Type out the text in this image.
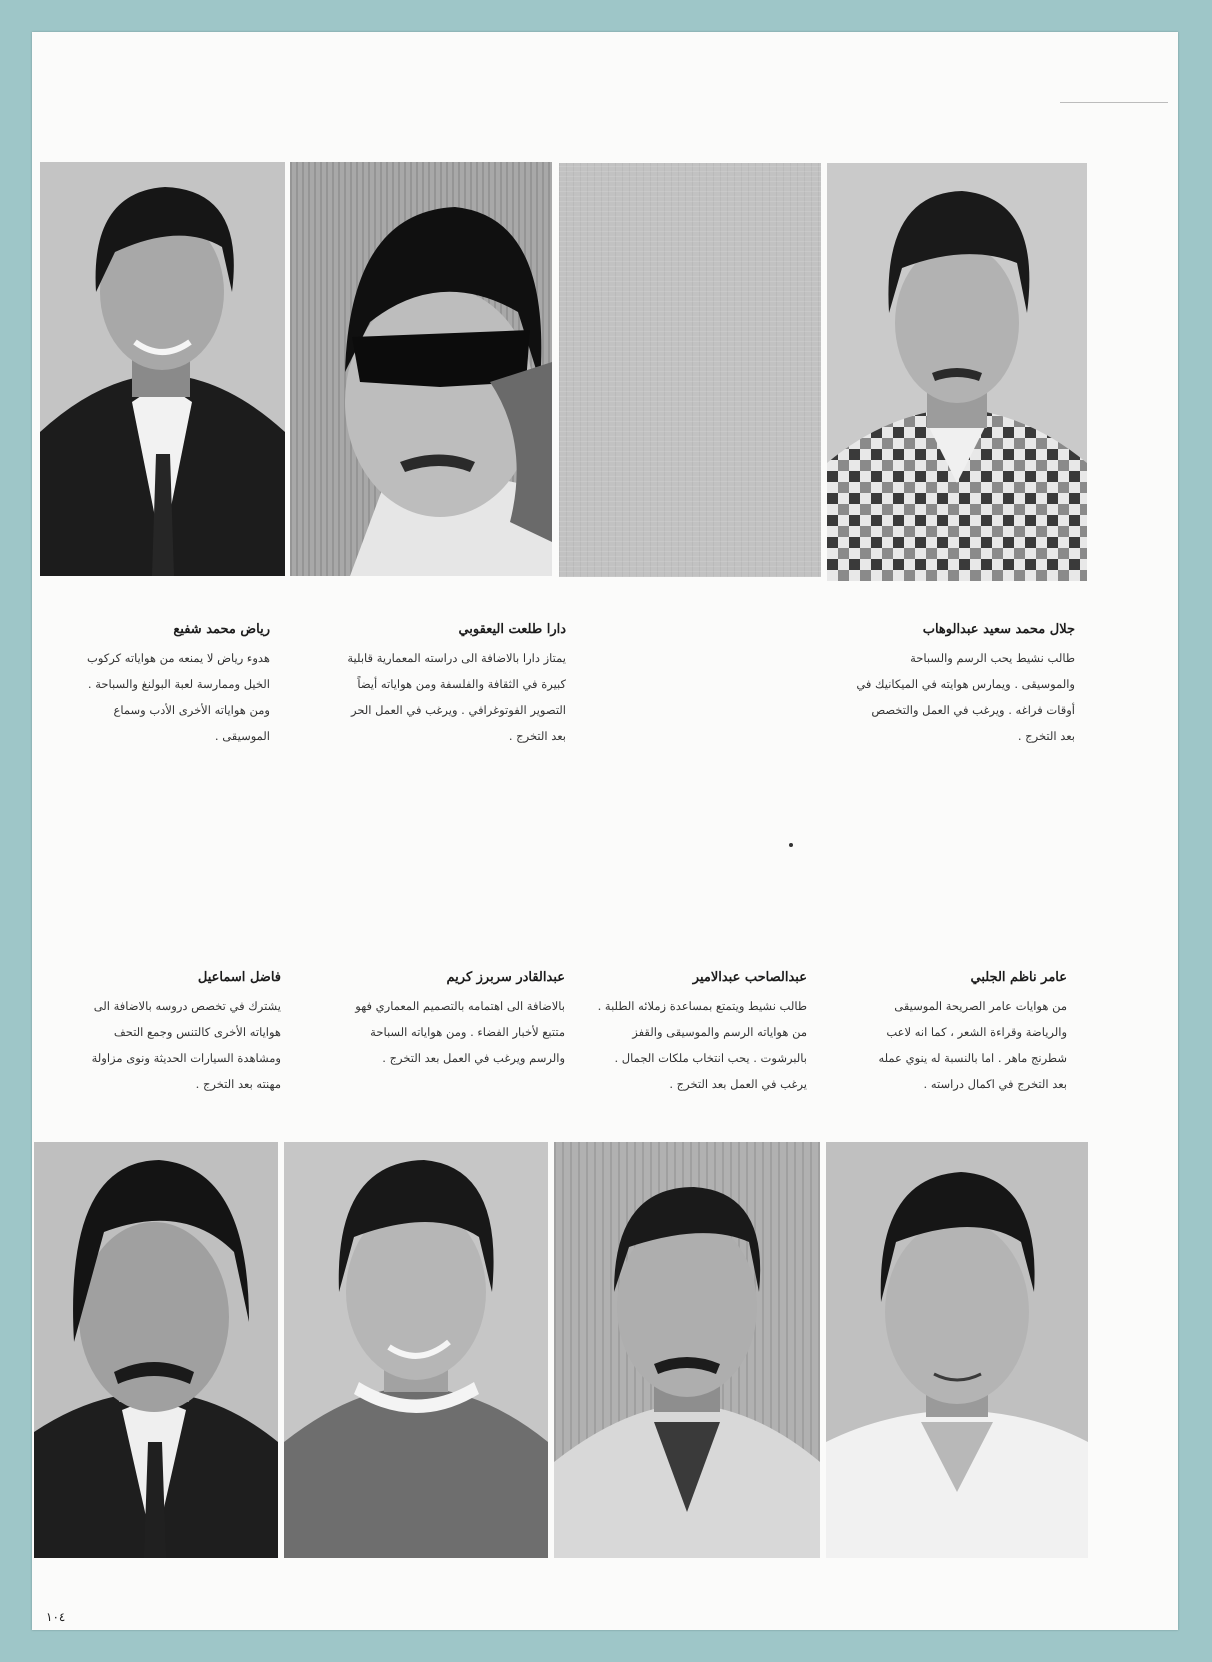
جلال محمد سعيد عبدالوهاب

طالب نشيط يحب الرسم والسباحة والموسيقى . ويمارس هوايته في الميكانيك في أوقات فراغه . ويرغب في العمل والتخصص بعد التخرج .

دارا طلعت اليعقوبي

يمتاز دارا بالاضافة الى دراسته المعمارية قابلية كبيرة في الثقافة والفلسفة ومن هواياته أيضاً التصوير الفوتوغرافي . ويرغب في العمل الحر بعد التخرج .

رياض محمد شفيع

هدوء رياض لا يمنعه من هواياته كركوب الخيل وممارسة لعبة البولنغ والسباحة . ومن هواياته الأخرى الأدب وسماع الموسيقى .

عامر ناظم الجلبي

من هوايات عامر الصريحة الموسيقى والرياضة وقراءة الشعر ، كما انه لاعب شطرنج ماهر . اما بالنسبة له ينوي عمله بعد التخرج في اكمال دراسته .

عبدالصاحب عبدالامير

طالب نشيط ويتمتع بمساعدة زملائه الطلبة . من هواياته الرسم والموسيقى والقفز بالبرشوت . يحب انتخاب ملكات الجمال . يرغب في العمل بعد التخرج .

عبدالقادر سربرز كريم

بالاضافة الى اهتمامه بالتصميم المعماري فهو متتبع لأخبار الفضاء . ومن هواياته السباحة والرسم ويرغب في العمل بعد التخرج .

فاضل اسماعيل

يشترك في تخصص دروسه بالاضافة الى هواياته الأخرى كالتنس وجمع التحف ومشاهدة السيارات الحديثة ونوى مزاولة مهنته بعد التخرج .

١٠٤
